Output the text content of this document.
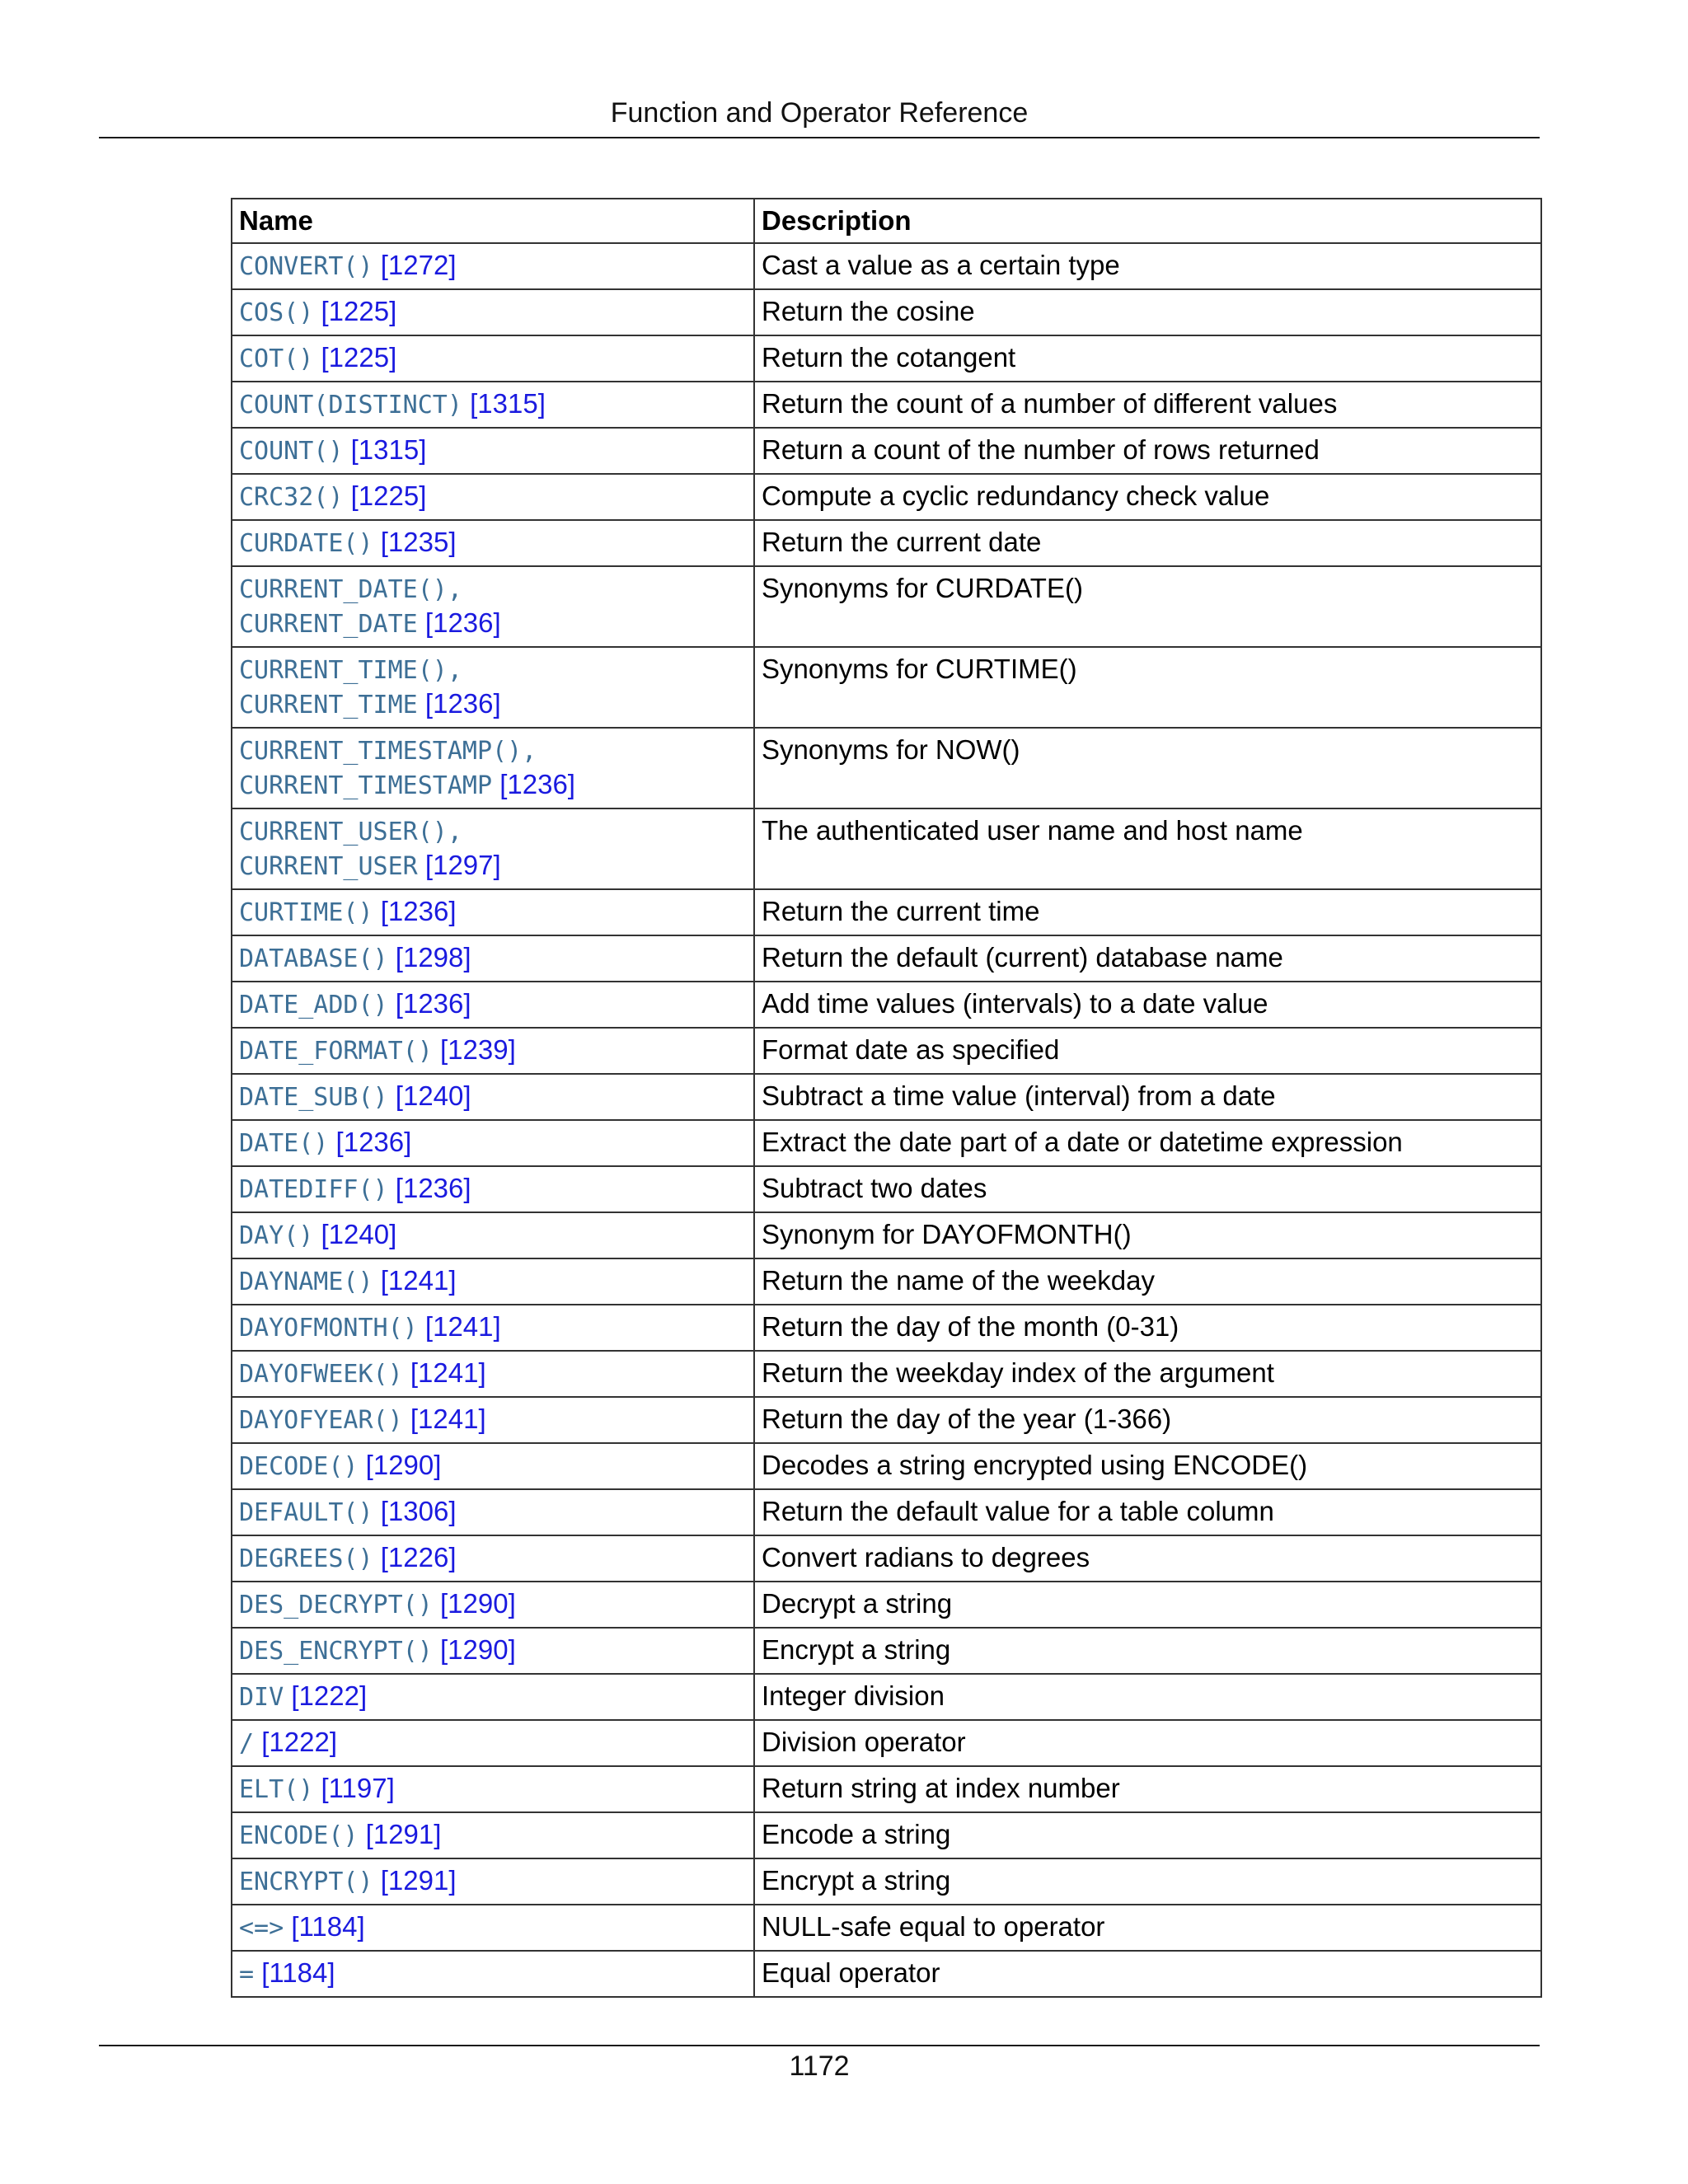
Function and Operator Reference
Name	Description
CONVERT() [1272]	Cast a value as a certain type
COS() [1225]	Return the cosine
COT() [1225]	Return the cotangent
COUNT(DISTINCT) [1315]	Return the count of a number of different values
COUNT() [1315]	Return a count of the number of rows returned
CRC32() [1225]	Compute a cyclic redundancy check value
CURDATE() [1235]	Return the current date
CURRENT_DATE(),
CURRENT_DATE [1236]	Synonyms for CURDATE()
CURRENT_TIME(),
CURRENT_TIME [1236]	Synonyms for CURTIME()
CURRENT_TIMESTAMP(),
CURRENT_TIMESTAMP [1236]	Synonyms for NOW()
CURRENT_USER(),
CURRENT_USER [1297]	The authenticated user name and host name
CURTIME() [1236]	Return the current time
DATABASE() [1298]	Return the default (current) database name
DATE_ADD() [1236]	Add time values (intervals) to a date value
DATE_FORMAT() [1239]	Format date as specified
DATE_SUB() [1240]	Subtract a time value (interval) from a date
DATE() [1236]	Extract the date part of a date or datetime expression
DATEDIFF() [1236]	Subtract two dates
DAY() [1240]	Synonym for DAYOFMONTH()
DAYNAME() [1241]	Return the name of the weekday
DAYOFMONTH() [1241]	Return the day of the month (0-31)
DAYOFWEEK() [1241]	Return the weekday index of the argument
DAYOFYEAR() [1241]	Return the day of the year (1-366)
DECODE() [1290]	Decodes a string encrypted using ENCODE()
DEFAULT() [1306]	Return the default value for a table column
DEGREES() [1226]	Convert radians to degrees
DES_DECRYPT() [1290]	Decrypt a string
DES_ENCRYPT() [1290]	Encrypt a string
DIV [1222]	Integer division
/ [1222]	Division operator
ELT() [1197]	Return string at index number
ENCODE() [1291]	Encode a string
ENCRYPT() [1291]	Encrypt a string
<=> [1184]	NULL-safe equal to operator
= [1184]	Equal operator
1172
